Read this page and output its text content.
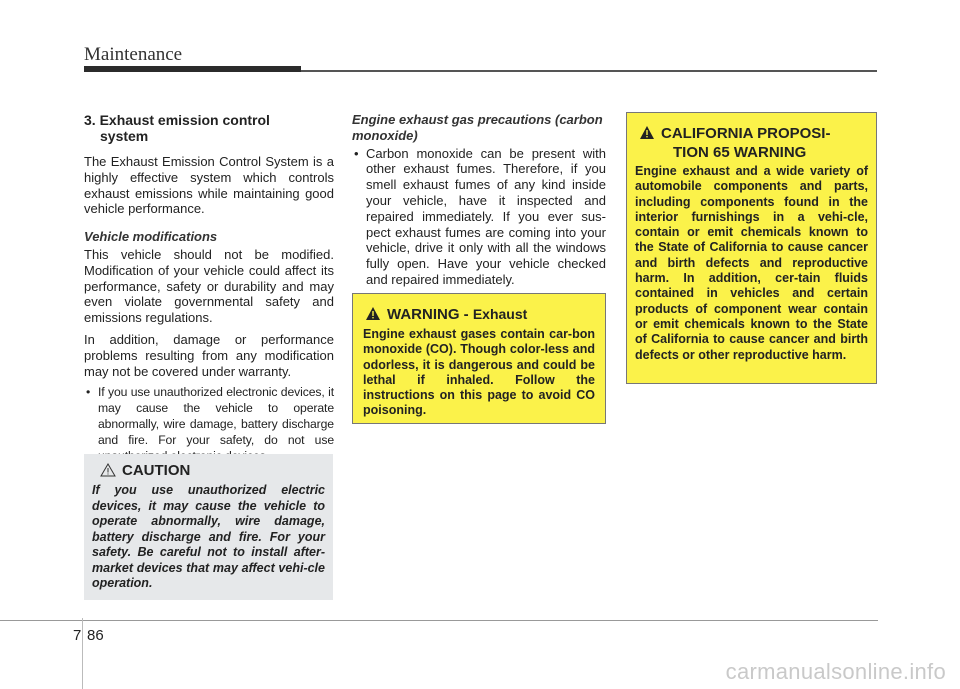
Maintenance
3. Exhaust emission control
system

The Exhaust Emission Control System is a highly effective system which controls exhaust emissions while maintaining good vehicle performance.

Vehicle modifications

This vehicle should not be modified. Modification of your vehicle could affect its performance, safety or durability and may even violate governmental safety and emissions regulations.

In addition, damage or performance problems resulting from any modification may not be covered under warranty.

• If you use unauthorized electronic devices, it may cause the vehicle to operate abnormally, wire damage, battery discharge and fire. For your safety, do not use
CAUTION
If you use unauthorized electric devices, it may cause the vehicle to operate abnormally, wire damage, battery discharge and fire. For your safety. Be careful not to install after-market devices that may affect vehi-cle operation.
Engine exhaust gas precautions (carbon monoxide)
• Carbon monoxide can be present with other exhaust fumes. Therefore, if you smell exhaust fumes of any kind inside your vehicle, have it inspected and repaired immediately. If you ever sus-pect exhaust fumes are coming into your vehicle, drive it only with all the windows fully open. Have your vehicle checked and repaired immediately.
WARNING - Exhaust
Engine exhaust gases contain car-bon monoxide (CO). Though color-less and odorless, it is dangerous and could be lethal if inhaled. Follow the instructions on this page to avoid CO poisoning.
CALIFORNIA PROPOSI-
TION 65 WARNING
Engine exhaust and a wide variety of automobile components and parts, including components found in the interior furnishings in a vehi-cle, contain or emit chemicals known to the State of California to cause cancer and birth defects and reproductive harm. In addition, cer-tain fluids contained in vehicles and certain products of component wear contain or emit chemicals known to the State of California to cause cancer and birth defects or other reproductive harm.
7 86
carmanualsonline.info
